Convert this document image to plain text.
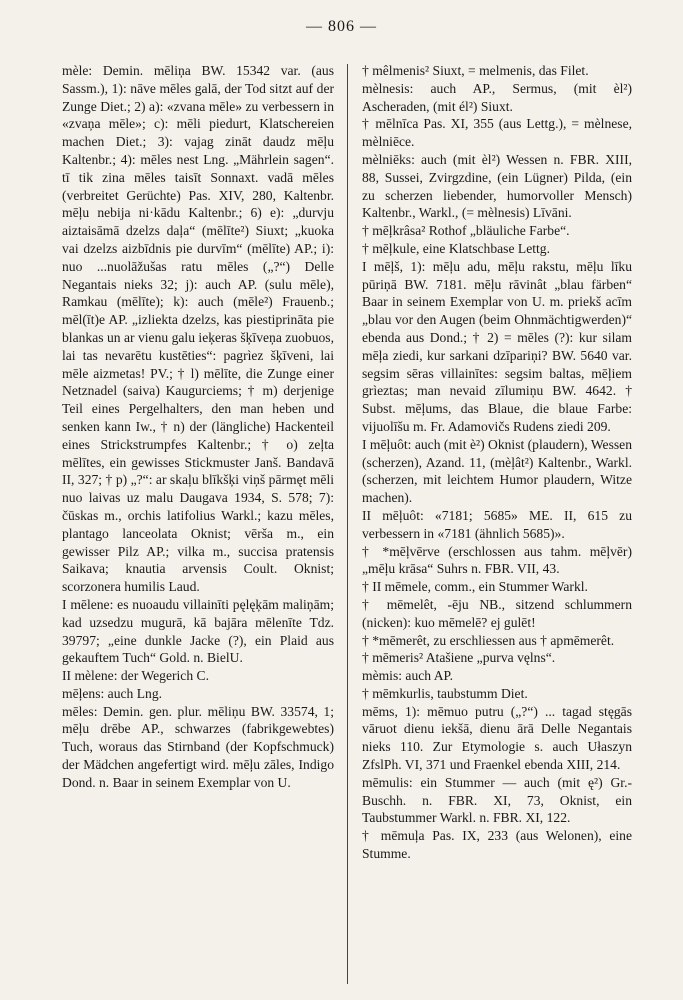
— 806 —

mèle: Demin. mēliņa BW. 15342 var. (aus Sassm.), 1): nāve mēles galā, der Tod sitzt auf der Zunge Diet.; 2) a): «zvana mēle» zu verbessern in «zvaņa mēle»; c): mēli piedurt, Klatschereien machen Diet.; 3): vajag zināt daudz mēļu Kaltenbr.; 4): mēles nest Lng. „Mährlein sagen“. tī tik zina mēles taisīt Sonnaxt. vadā mēles (verbreitet Gerüchte) Pas. XIV, 280, Kaltenbr. mēļu nebija ni·kādu Kaltenbr.; 6) e): „durvju aiztaisāmā dzelzs daļa“ (mēlīte²) Siuxt; „kuoka vai dzelzs aizbīdnis pie durvīm“ (mēlīte) AP.; i): nuo ...nuolāžušas ratu mēles („?“) Delle Negantais nieks 32; j): auch AP. (sulu mēle), Ramkau (mēlīte); k): auch (mēle²) Frauenb.; mēl(īt)e AP. „izliekta dzelzs, kas piestiprināta pie blankas un ar vienu galu ieķeras šķīveņa zuobuos, lai tas nevarētu kustēties“: pagrìez šķīveni, lai mēle aizmetas! PV.; † l) mēlīte, die Zunge einer Netznadel (saiva) Kaugurciems; † m) derjenige Teil eines Pergelhalters, den man heben und senken kann Iw., † n) der (längliche) Hackenteil eines Strickstrumpfes Kaltenbr.; † o) zeļta mēlītes, ein gewisses Stickmuster Janš. Bandavā II, 327; † p) „?“: ar skaļu blīkšķi viņš pārmęt mēli nuo laivas uz malu Daugava 1934, S. 578; 7): čūskas m., orchis latifolius Warkl.; kazu mēles, plantago lanceolata Oknist; vērša m., ein gewisser Pilz AP.; vilka m., succisa pratensis Saikava; knautia arvensis Coult. Oknist; scorzonera humilis Laud.

I mēlene: es nuoaudu villainīti pęlęķām maliņām; kad uzsedzu mugurā, kā bajāra mēlenīte Tdz. 39797; „eine dunkle Jacke (?), ein Plaid aus gekauftem Tuch“ Gold. n. BielU.

II mèlene: der Wegerich C.

mēļens: auch Lng.

mēles: Demin. gen. plur. mēliņu BW. 33574, 1; mēļu drēbe AP., schwarzes (fabrikgewebtes) Tuch, woraus das Stirnband (der Kopfschmuck) der Mädchen angefertigt wird. mēļu zāles, Indigo Dond. n. Baar in seinem Exemplar von U.

† mêlmenis² Siuxt, = melmenis, das Filet.

mèlnesis: auch AP., Sermus, (mit èl²) Ascheraden, (mit él²) Siuxt.

† mēlnīca Pas. XI, 355 (aus Lettg.), = mèlnese, mèlniēce.

mèlniēks: auch (mit èl²) Wessen n. FBR. XIII, 88, Sussei, Zvirgzdine, (ein Lügner) Pilda, (ein zu scherzen liebender, humorvoller Mensch) Kaltenbr., Warkl., (= mèlnesis) Līvāni.

† mēļkrâsa² Rothof „bläuliche Farbe“.

† mēļkule, eine Klatschbase Lettg.

I mēļš, 1): mēļu adu, mēļu rakstu, mēļu līku pūriņā BW. 7181. mēļu rāvinât „blau färben“ Baar in seinem Exemplar von U. m. priekš acīm „blau vor den Augen (beim Ohnmächtigwerden)“ ebenda aus Dond.; † 2) = mēles (?): kur silam mēļa ziedi, kur sarkani dzīpariņi? BW. 5640 var. segsim sēras villainītes: segsim baltas, mēļiem grìeztas; man nevaid zīlumiņu BW. 4642. † Subst. mēļums, das Blaue, die blaue Farbe: vijuolīšu m. Fr. Adamovičs Rudens ziedi 209.

I mēļuôt: auch (mit è²) Oknist (plaudern), Wessen (scherzen), Azand. 11, (mèļât²) Kaltenbr., Warkl. (scherzen, mit leichtem Humor plaudern, Witze machen).

II mēļuôt: «7181; 5685» ME. II, 615 zu verbessern in «7181 (ähnlich 5685)».

† *mēļvērve (erschlossen aus tahm. mēļvēr) „mēļu krāsa“ Suhrs n. FBR. VII, 43.

† II mēmele, comm., ein Stummer Warkl.

† mēmelêt, -ēju NB., sitzend schlummern (nicken): kuo mēmelē? ej gulēt!

† *mēmerêt, zu erschliessen aus † apmēmerêt.

† mēmeris² Atašiene „purva vęlns“.

mèmis: auch AP.

† mēmkurlis, taubstumm Diet.

mēms, 1): mēmuo putru („?“) ... tagad stęgās vāruot dienu iekšā, dienu ārā Delle Negantais nieks 110. Zur Etymologie s. auch Ułaszyn ZfslPh. VI, 371 und Fraenkel ebenda XIII, 214.

mēmulis: ein Stummer — auch (mit ę²) Gr.-Buschh. n. FBR. XI, 73, Oknist, ein Taubstummer Warkl. n. FBR. XI, 122.

† mēmuļa Pas. IX, 233 (aus Welonen), eine Stumme.
